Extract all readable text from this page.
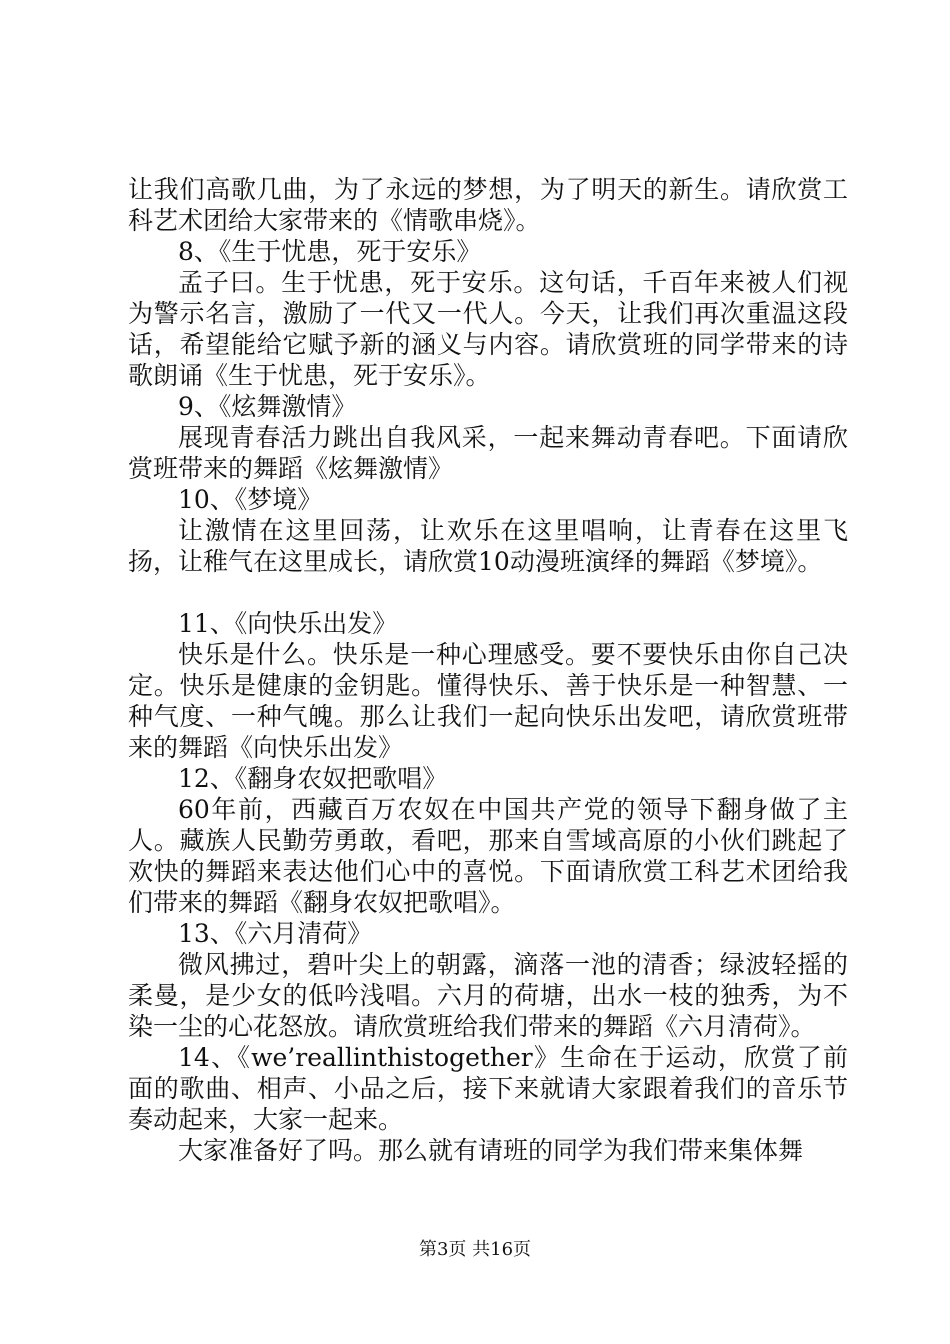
让我们高歌几曲，为了永远的梦想，为了明天的新生。请欣赏工科艺术团给大家带来的《情歌串烧》。

8、《生于忧患，死于安乐》

孟子曰。生于忧患，死于安乐。这句话，千百年来被人们视为警示名言，激励了一代又一代人。今天，让我们再次重温这段话，希望能给它赋予新的涵义与内容。请欣赏班的同学带来的诗歌朗诵《生于忧患，死于安乐》。

9、《炫舞激情》

展现青春活力跳出自我风采，一起来舞动青春吧。下面请欣赏班带来的舞蹈《炫舞激情》

10、《梦境》

让激情在这里回荡，让欢乐在这里唱响，让青春在这里飞扬，让稚气在这里成长，请欣赏10动漫班演绎的舞蹈《梦境》。

11、《向快乐出发》

快乐是什么。快乐是一种心理感受。要不要快乐由你自己决定。快乐是健康的金钥匙。懂得快乐、善于快乐是一种智慧、一种气度、一种气魄。那么让我们一起向快乐出发吧，请欣赏班带来的舞蹈《向快乐出发》

12、《翻身农奴把歌唱》

60年前，西藏百万农奴在中国共产党的领导下翻身做了主人。藏族人民勤劳勇敢，看吧，那来自雪域高原的小伙们跳起了欢快的舞蹈来表达他们心中的喜悦。下面请欣赏工科艺术团给我们带来的舞蹈《翻身农奴把歌唱》。

13、《六月清荷》

微风拂过，碧叶尖上的朝露，滴落一池的清香；绿波轻摇的柔曼，是少女的低吟浅唱。六月的荷塘，出水一枝的独秀，为不染一尘的心花怒放。请欣赏班给我们带来的舞蹈《六月清荷》。

14、《we’reallinthistogether》生命在于运动，欣赏了前面的歌曲、相声、小品之后，接下来就请大家跟着我们的音乐节奏动起来，大家一起来。

大家准备好了吗。那么就有请班的同学为我们带来集体舞

第3页 共16页
